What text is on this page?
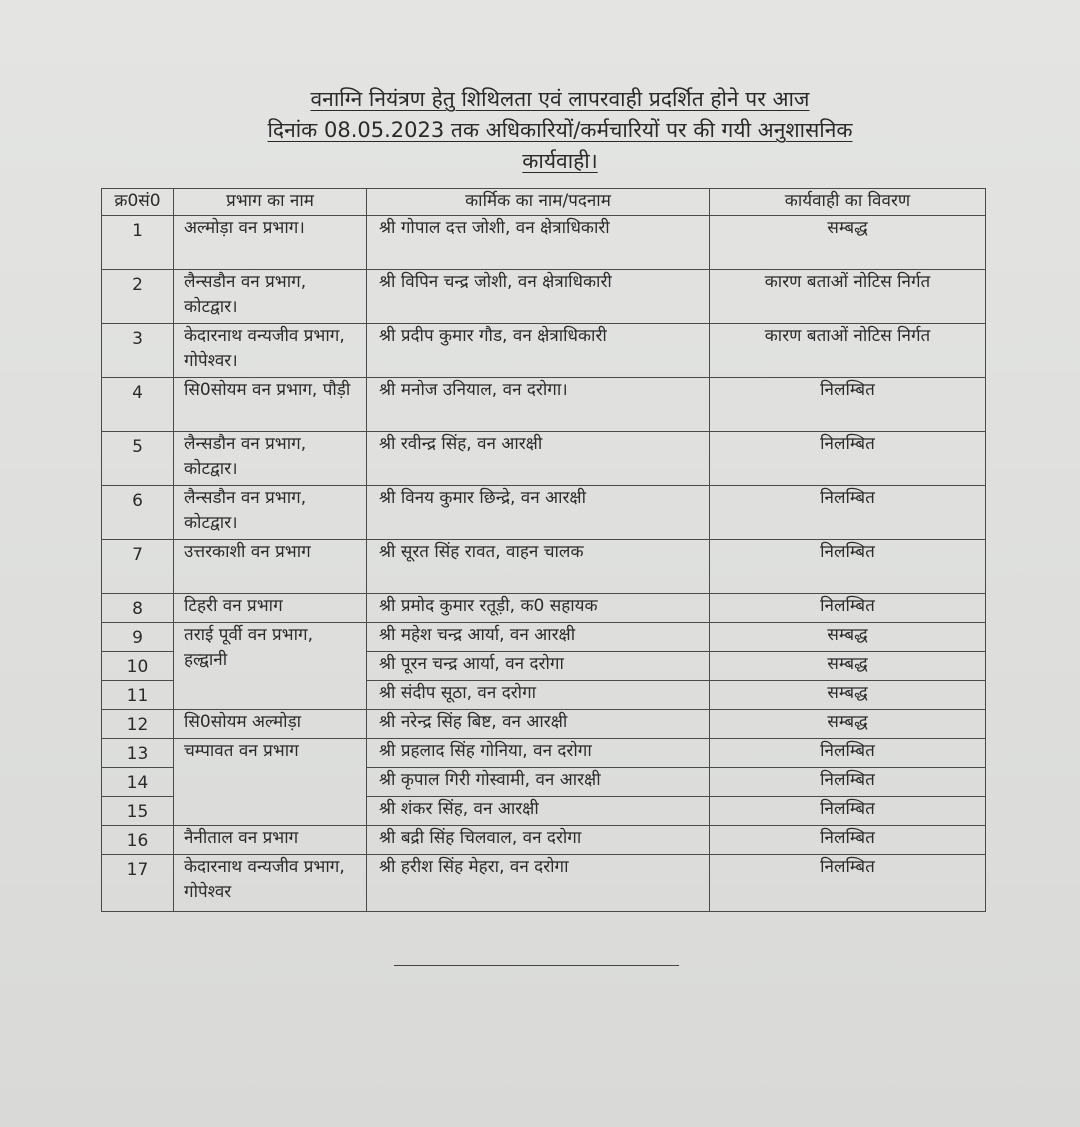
वनाग्नि नियंत्रण हेतु शिथिलता एवं लापरवाही प्रदर्शित होने पर आज
दिनांक 08.05.2023 तक अधिकारियों/कर्मचारियों पर की गयी अनुशासनिक
कार्यवाही।
क्र0सं0	प्रभाग का नाम	कार्मिक का नाम/पदनाम	कार्यवाही का विवरण
1	अल्मोड़ा वन प्रभाग।	श्री गोपाल दत्त जोशी, वन क्षेत्राधिकारी	सम्बद्ध
2	लैन्सडौन वन प्रभाग, कोटद्वार।	श्री विपिन चन्द्र जोशी, वन क्षेत्राधिकारी	कारण बताओं नोटिस निर्गत
3	केदारनाथ वन्यजीव प्रभाग, गोपेश्वर।	श्री प्रदीप कुमार गौड, वन क्षेत्राधिकारी	कारण बताओं नोटिस निर्गत
4	सि0सोयम वन प्रभाग, पौड़ी	श्री मनोज उनियाल, वन दरोगा।	निलम्बित
5	लैन्सडौन वन प्रभाग, कोटद्वार।	श्री रवीन्द्र सिंह, वन आरक्षी	निलम्बित
6	लैन्सडौन वन प्रभाग, कोटद्वार।	श्री विनय कुमार छिन्द्रे, वन आरक्षी	निलम्बित
7	उत्तरकाशी वन प्रभाग	श्री सूरत सिंह रावत, वाहन चालक	निलम्बित
8	टिहरी वन प्रभाग	श्री प्रमोद कुमार रतूड़ी, क0 सहायक	निलम्बित
9	तराई पूर्वी वन प्रभाग, हल्द्वानी	श्री महेश चन्द्र आर्या, वन आरक्षी	सम्बद्ध
10		श्री पूरन चन्द्र आर्या, वन दरोगा	सम्बद्ध
11		श्री संदीप सूठा, वन दरोगा	सम्बद्ध
12	सि0सोयम अल्मोड़ा	श्री नरेन्द्र सिंह बिष्ट, वन आरक्षी	सम्बद्ध
13	चम्पावत वन प्रभाग	श्री प्रहलाद सिंह गोनिया, वन दरोगा	निलम्बित
14		श्री कृपाल गिरी गोस्वामी, वन आरक्षी	निलम्बित
15		श्री शंकर सिंह, वन आरक्षी	निलम्बित
16	नैनीताल वन प्रभाग	श्री बद्री सिंह चिलवाल, वन दरोगा	निलम्बित
17	केदारनाथ वन्यजीव प्रभाग, गोपेश्वर	श्री हरीश सिंह मेहरा, वन दरोगा	निलम्बित
